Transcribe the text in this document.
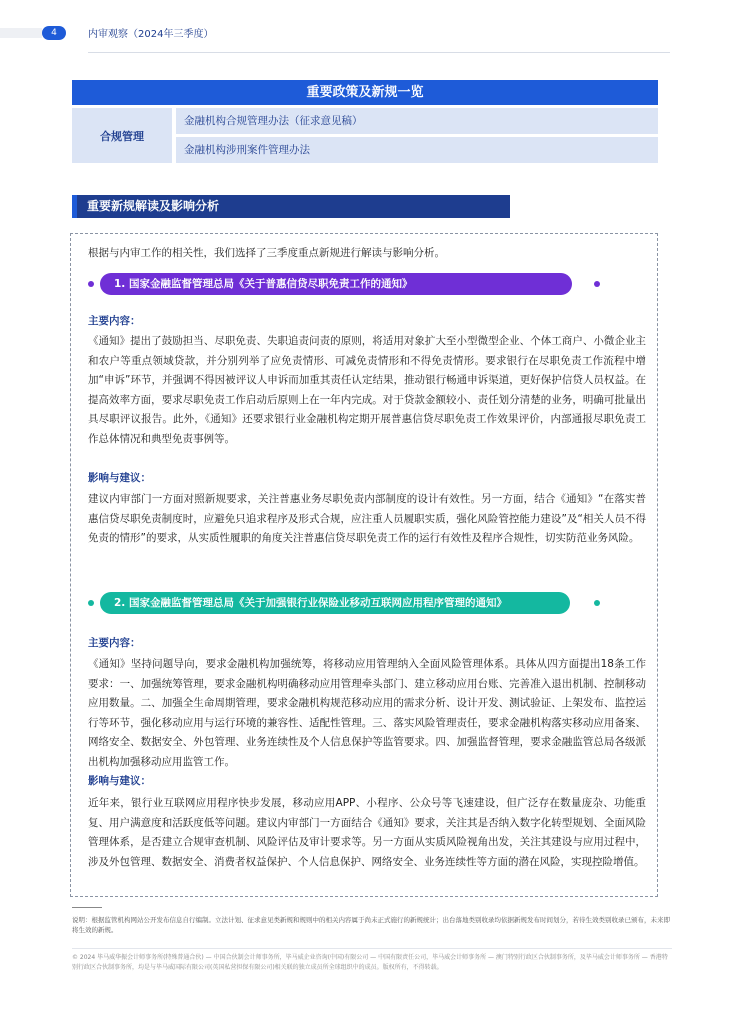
4	内审观察（2024年三季度）
重要政策及新规一览
合规管理
金融机构合规管理办法（征求意见稿）
金融机构涉刑案件管理办法
重要新规解读及影响分析
根据与内审工作的相关性，我们选择了三季度重点新规进行解读与影响分析。
1. 国家金融监督管理总局《关于普惠信贷尽职免责工作的通知》
主要内容：
《通知》提出了鼓励担当、尽职免责、失职追责问责的原则，将适用对象扩大至小型微型企业、个体工商户、小微企业主和农户等重点领域贷款，并分别列举了应免责情形、可减免责情形和不得免责情形。要求银行在尽职免责工作流程中增加“申诉”环节，并强调不得因被评议人申诉而加重其责任认定结果，推动银行畅通申诉渠道，更好保护信贷人员权益。在提高效率方面，要求尽职免责工作启动后原则上在一年内完成。对于贷款金额较小、责任划分清楚的业务，明确可批量出具尽职评议报告。此外，《通知》还要求银行业金融机构定期开展普惠信贷尽职免责工作效果评价，内部通报尽职免责工作总体情况和典型免责事例等。
影响与建议：
建议内审部门一方面对照新规要求，关注普惠业务尽职免责内部制度的设计有效性。另一方面，结合《通知》“在落实普惠信贷尽职免责制度时，应避免只追求程序及形式合规，应注重人员履职实质，强化风险管控能力建设”及“相关人员不得免责的情形”的要求，从实质性履职的角度关注普惠信贷尽职免责工作的运行有效性及程序合规性，切实防范业务风险。
2. 国家金融监督管理总局《关于加强银行业保险业移动互联网应用程序管理的通知》
主要内容：
《通知》坚持问题导向，要求金融机构加强统筹，将移动应用管理纳入全面风险管理体系。具体从四方面提出18条工作要求：一、加强统筹管理，要求金融机构明确移动应用管理牵头部门、建立移动应用台账、完善准入退出机制、控制移动应用数量。二、加强全生命周期管理，要求金融机构规范移动应用的需求分析、设计开发、测试验证、上架发布、监控运行等环节，强化移动应用与运行环境的兼容性、适配性管理。三、落实风险管理责任，要求金融机构落实移动应用备案、网络安全、数据安全、外包管理、业务连续性及个人信息保护等监管要求。四、加强监督管理，要求金融监管总局各级派出机构加强移动应用监管工作。
影响与建议：
近年来，银行业互联网应用程序快步发展，移动应用APP、小程序、公众号等飞速建设，但广泛存在数量庞杂、功能重复、用户满意度和活跃度低等问题。建议内审部门一方面结合《通知》要求，关注其是否纳入数字化转型规划、全面风险管理体系，是否建立合规审查机制、风险评估及审计要求等。另一方面从实质风险视角出发，关注其建设与应用过程中，涉及外包管理、数据安全、消费者权益保护、个人信息保护、网络安全、业务连续性等方面的潜在风险，实现控险增值。
说明：根据监管机构网站公开发布信息自行编制。立法计划、征求意见类新规和规则中的相关内容属于尚未正式施行的新规统计；出台落地类别收录均依据新规发布时间划分，若待生效类别收录已颁布，未来即将生效的新规。
© 2024 毕马威华振会计师事务所(特殊普通合伙) — 中国合伙制会计师事务所，毕马威企业咨询(中国)有限公司 — 中国有限责任公司，毕马威会计师事务所 — 澳门特别行政区合伙制事务所，及毕马威会计师事务所 — 香港特别行政区合伙制事务所，均是与毕马威国际有限公司(英国私营担保有限公司)相关联的独立成员所全球组织中的成员。版权所有，不得转载。
